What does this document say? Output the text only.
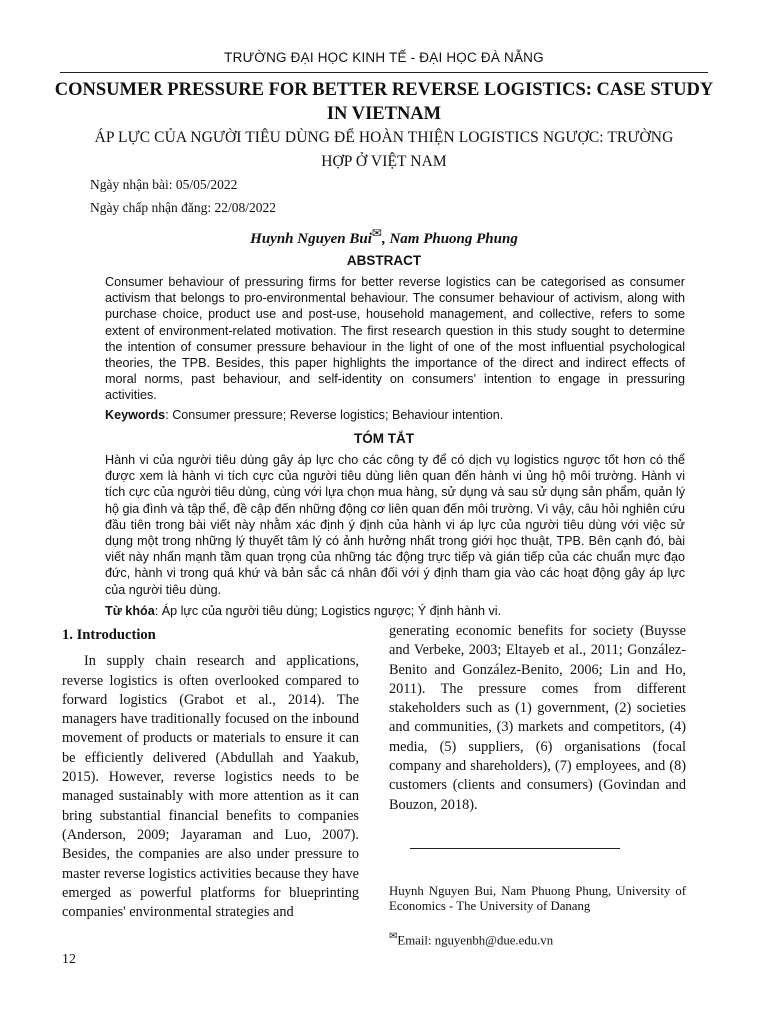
TRƯỜNG ĐẠI HỌC KINH TẾ - ĐẠI HỌC ĐÀ NẴNG
CONSUMER PRESSURE FOR BETTER REVERSE LOGISTICS: CASE STUDY IN VIETNAM
ÁP LỰC CỦA NGƯỜI TIÊU DÙNG ĐỂ HOÀN THIỆN LOGISTICS NGƯỢC: TRƯỜNG HỢP Ở VIỆT NAM
Ngày nhận bài: 05/05/2022
Ngày chấp nhận đăng: 22/08/2022
Huynh Nguyen Bui✉, Nam Phuong Phung
ABSTRACT
Consumer behaviour of pressuring firms for better reverse logistics can be categorised as consumer activism that belongs to pro-environmental behaviour. The consumer behaviour of activism, along with purchase choice, product use and post-use, household management, and collective, refers to some extent of environment-related motivation. The first research question in this study sought to determine the intention of consumer pressure behaviour in the light of one of the most influential psychological theories, the TPB. Besides, this paper highlights the importance of the direct and indirect effects of moral norms, past behaviour, and self-identity on consumers' intention to engage in pressuring activities.
Keywords: Consumer pressure; Reverse logistics; Behaviour intention.
TÓM TẮT
Hành vi của người tiêu dùng gây áp lực cho các công ty để có dịch vụ logistics ngược tốt hơn có thể được xem là hành vi tích cực của người tiêu dùng liên quan đến hành vi ủng hộ môi trường. Hành vi tích cực của người tiêu dùng, cùng với lựa chọn mua hàng, sử dụng và sau sử dụng sản phẩm, quản lý hộ gia đình và tập thể, đề cập đến những động cơ liên quan đến môi trường. Vì vậy, câu hỏi nghiên cứu đầu tiên trong bài viết này nhằm xác định ý định của hành vi áp lực của người tiêu dùng với việc sử dụng một trong những lý thuyết tâm lý có ảnh hưởng nhất trong giới học thuật, TPB. Bên cạnh đó, bài viết này nhấn mạnh tầm quan trọng của những tác động trực tiếp và gián tiếp của các chuẩn mực đạo đức, hành vi trong quá khứ và bản sắc cá nhân đối với ý định tham gia vào các hoạt động gây áp lực của người tiêu dùng.
Từ khóa: Áp lực của người tiêu dùng; Logistics ngược; Ý định hành vi.
1. Introduction
In supply chain research and applications, reverse logistics is often overlooked compared to forward logistics (Grabot et al., 2014). The managers have traditionally focused on the inbound movement of products or materials to ensure it can be efficiently delivered (Abdullah and Yaakub, 2015). However, reverse logistics needs to be managed sustainably with more attention as it can bring substantial financial benefits to companies (Anderson, 2009; Jayaraman and Luo, 2007). Besides, the companies are also under pressure to master reverse logistics activities because they have emerged as powerful platforms for blueprinting companies' environmental strategies and
generating economic benefits for society (Buysse and Verbeke, 2003; Eltayeb et al., 2011; González-Benito and González-Benito, 2006; Lin and Ho, 2011). The pressure comes from different stakeholders such as (1) government, (2) societies and communities, (3) markets and competitors, (4) media, (5) suppliers, (6) organisations (focal company and shareholders), (7) employees, and (8) customers (clients and consumers) (Govindan and Bouzon, 2018).
Huynh Nguyen Bui, Nam Phuong Phung, University of Economics - The University of Danang
✉Email: nguyenbh@due.edu.vn
12
